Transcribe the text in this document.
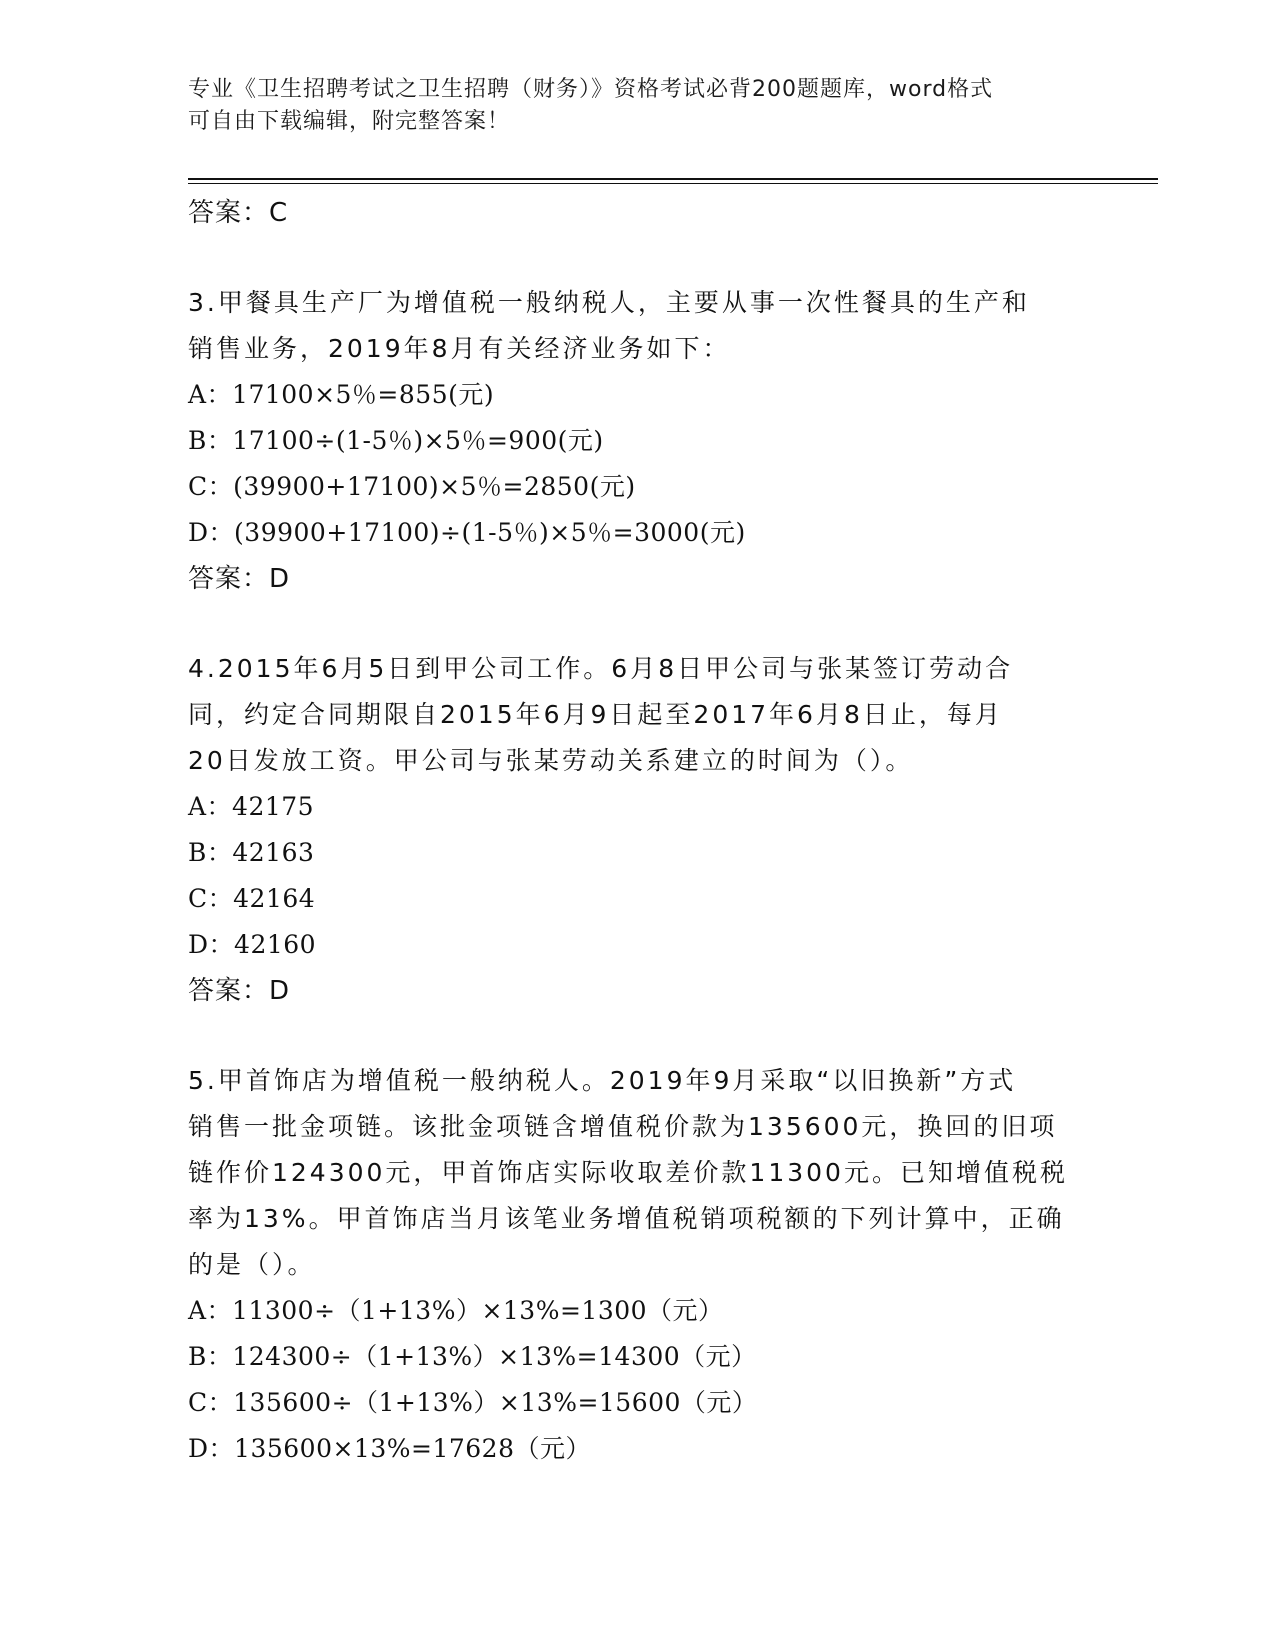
专业《卫生招聘考试之卫生招聘（财务）》资格考试必背200题题库，word格式
可自由下载编辑，附完整答案！
答案：C
3.甲餐具生产厂为增值税一般纳税人，主要从事一次性餐具的生产和
销售业务，2019年8月有关经济业务如下：
A：17100×5％=855(元)
B：17100÷(1-5％)×5％=900(元)
C：(39900+17100)×5％=2850(元)
D：(39900+17100)÷(1-5％)×5％=3000(元)
答案：D
4.2015年6月5日到甲公司工作。6月8日甲公司与张某签订劳动合
同，约定合同期限自2015年6月9日起至2017年6月8日止，每月
20日发放工资。甲公司与张某劳动关系建立的时间为（）。
A：42175
B：42163
C：42164
D：42160
答案：D
5.甲首饰店为增值税一般纳税人。2019年9月采取“以旧换新”方式
销售一批金项链。该批金项链含增值税价款为135600元，换回的旧项
链作价124300元，甲首饰店实际收取差价款11300元。已知增值税税
率为13%。甲首饰店当月该笔业务增值税销项税额的下列计算中，正确
的是（）。
A：11300÷（1+13%）×13%=1300（元）
B：124300÷（1+13%）×13%=14300（元）
C：135600÷（1+13%）×13%=15600（元）
D：135600×13%=17628（元）
